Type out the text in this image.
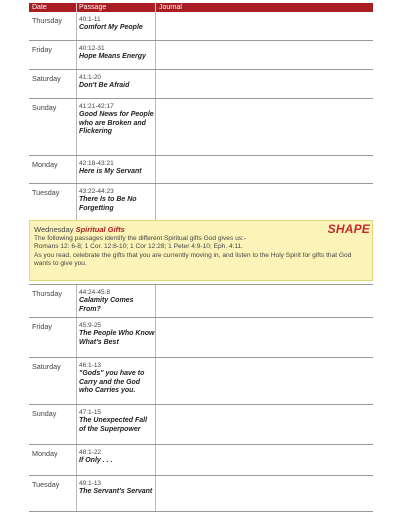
Date	Passage	Journal
Thursday	40:1-11
Comfort My People
Friday	40:12-31
Hope Means Energy
Saturday	41:1-20
Don't Be Afraid
Sunday	41:21-42:17
Good News for People who are Broken and Flickering
Monday	42:18-43:21
Here is My Servant
Tuesday	43:22-44:23
There Is to Be No Forgetting
SHAPE
Wednesday Spiritual Gifts
The following passages identify the different Spiritual gifts God gives us:-
Romans 12: 6-8; 1 Cor. 12:8-10; 1 Cor 12:28; 1 Peter 4:9-10; Eph. 4:11.
As you read, celebrate the gifts that you are currently moving in, and listen to the Holy Spirit for gifts that God wants to give you.
Thursday	44:24-45:8
Calamity Comes From?
Friday	45:9-25
The People Who Know What's Best
Saturday	46:1-13
"Gods" you have to Carry and the God who Carries you.
Sunday	47:1-15
The Unexpected Fall of the Superpower
Monday	48:1-22
If Only . . .
Tuesday	49:1-13
The Servant's Servant
